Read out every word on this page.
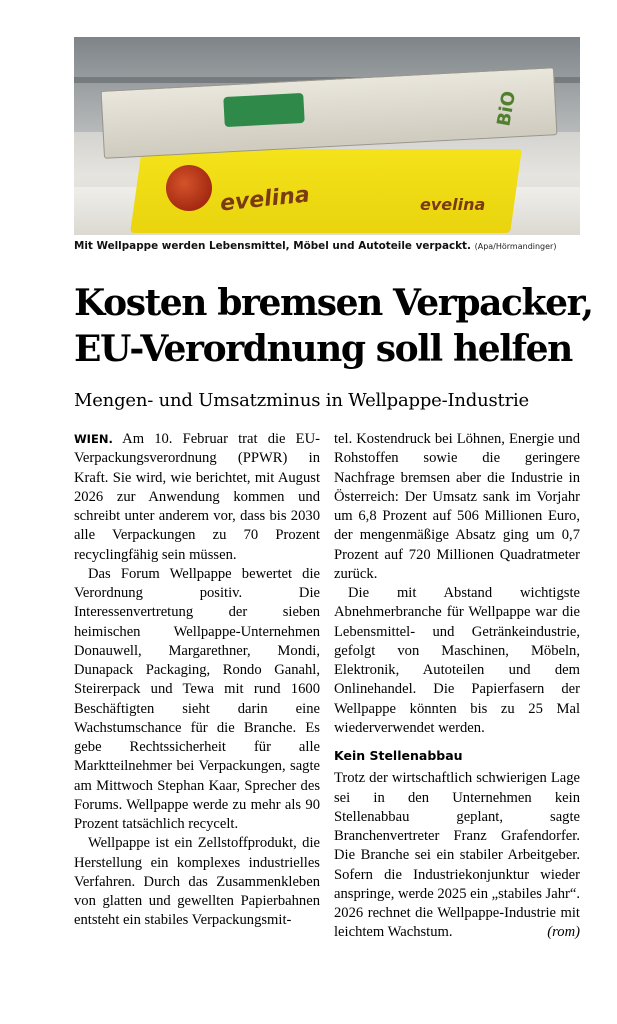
evelina	evelina
BiO
Mit Wellpappe werden Lebensmittel, Möbel und Autoteile verpackt. (Apa/Hörmandinger)
Kosten bremsen Verpacker,
EU-Verordnung soll helfen
Mengen- und Umsatzminus in Wellpappe-Industrie

WIEN. Am 10. Februar trat die EU-Verpackungsverordnung (PPWR) in Kraft. Sie wird, wie berichtet, mit August 2026 zur Anwendung kommen und schreibt unter anderem vor, dass bis 2030 alle Verpackungen zu 70 Prozent recyclingfähig sein müssen.

Das Forum Wellpappe bewertet die Verordnung positiv. Die Interessenvertretung der sieben heimischen Wellpappe-Unternehmen Donauwell, Margarethner, Mondi, Dunapack Packaging, Rondo Ganahl, Steirerpack und Tewa mit rund 1600 Beschäftigten sieht darin eine Wachstumschance für die Branche. Es gebe Rechtssicherheit für alle Marktteilnehmer bei Verpackungen, sagte am Mittwoch Stephan Kaar, Sprecher des Forums. Wellpappe werde zu mehr als 90 Prozent tatsächlich recycelt.

Wellpappe ist ein Zellstoffprodukt, die Herstellung ein komplexes industrielles Verfahren. Durch das Zusammenkleben von glatten und gewellten Papierbahnen entsteht ein stabiles Verpackungsmit-

tel. Kostendruck bei Löhnen, Energie und Rohstoffen sowie die geringere Nachfrage bremsen aber die Industrie in Österreich: Der Umsatz sank im Vorjahr um 6,8 Prozent auf 506 Millionen Euro, der mengenmäßige Absatz ging um 0,7 Prozent auf 720 Millionen Quadratmeter zurück.

Die mit Abstand wichtigste Abnehmerbranche für Wellpappe war die Lebensmittel- und Getränkeindustrie, gefolgt von Maschinen, Möbeln, Elektronik, Autoteilen und dem Onlinehandel. Die Papierfasern der Wellpappe könnten bis zu 25 Mal wiederverwendet werden.

Kein Stellenabbau

Trotz der wirtschaftlich schwierigen Lage sei in den Unternehmen kein Stellenabbau geplant, sagte Branchenvertreter Franz Grafendorfer. Die Branche sei ein stabiler Arbeitgeber. Sofern die Industriekonjunktur wieder anspringe, werde 2025 ein „stabiles Jahr“. 2026 rechnet die Wellpappe-Industrie mit leichtem Wachstum.	(rom)
